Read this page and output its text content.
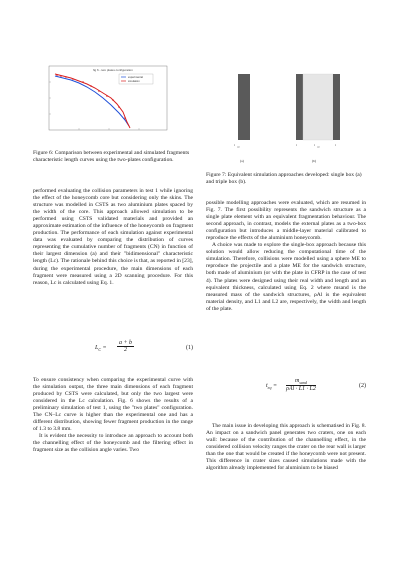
fig 6 - two plates configuration
experimental
simulation
Figure 6: Comparison between experimental and simulated fragments characteristic length curves using the two-plates configuration.
t
sat
(a)
t	t
sat
t
(b)
Figure 7: Equivalent simulation approaches developed: single box (a) and triple box (b).

performed evaluating the collision parameters in test 1 while ignoring the effect of the honeycomb core but considering only the skins. The structure was modelled in CSTS as two aluminium plates spaced by the width of the core. This approach allowed simulation to be performed using CSTS validated materials and provided an approximate estimation of the influence of the honeycomb on fragment production. The performance of each simulation against experimental data was evaluated by comparing the distribution of curves representing the cumulative number of fragments (CN) in function of their largest dimension (a) and their "bidimensional" characteristic length (Lc). The rationale behind this choice is that, as reported in [23], during the experimental procedure, the main dimensions of each fragment were measured using a 2D scanning procedure. For this reason, Lc is calculated using Eq. 1.

$L_C = \frac{a + b}{2}$	(1)

To ensure consistency when comparing the experimental curve with the simulation output, the three main dimensions of each fragment produced by CSTS were calculated, but only the two largest were considered in the Lc calculation. Fig. 6 shows the results of a preliminary simulation of test 1, using the "two plates" configuration. The CN–Lc curve is higher than the experimental one and has a different distribution, showing fewer fragment production in the range of 1.3 to 3.8 mm.

It is evident the necessity to introduce an approach to account both the channelling effect of the honeycomb and the filtering effect in fragment size as the collision angle varies. Two

possible modelling approaches were evaluated, which are resumed in Fig. 7. The first possibility represents the sandwich structure as a single plate element with an equivalent fragmentation behaviour. The second approach, in contrast, models the external plates as a two-box configuration but introduces a middle-layer material calibrated to reproduce the effects of the aluminium honeycomb.

A choice was made to explore the single-box approach because this solution would allow reducing the computational time of the simulation. Therefore, collisions were modelled using a sphere ME to reproduce the projectile and a plate ME for the sandwich structure, both made of aluminium (or with the plate in CFRP in the case of test 4). The plates were designed using their real width and length and an equivalent thickness, calculated using Eq. 2 where msand is the measured mass of the sandwich structures, ρAl is the equivalent material density, and L1 and L2 are, respectively, the width and length of the plate.

$t_{eq}$ =
$m_{sand}$
ρAl · L1 · L2
(2)

The main issue in developing this approach is schematised in Fig. 8. An impact on a sandwich panel generates two craters, one on each wall: because of the contribution of the channelling effect, in the considered collision velocity ranges the crater on the rear wall is larger than the one that would be created if the honeycomb were not present. This difference in crater sizes caused simulations made with the algorithm already implemented for aluminium to be biased
